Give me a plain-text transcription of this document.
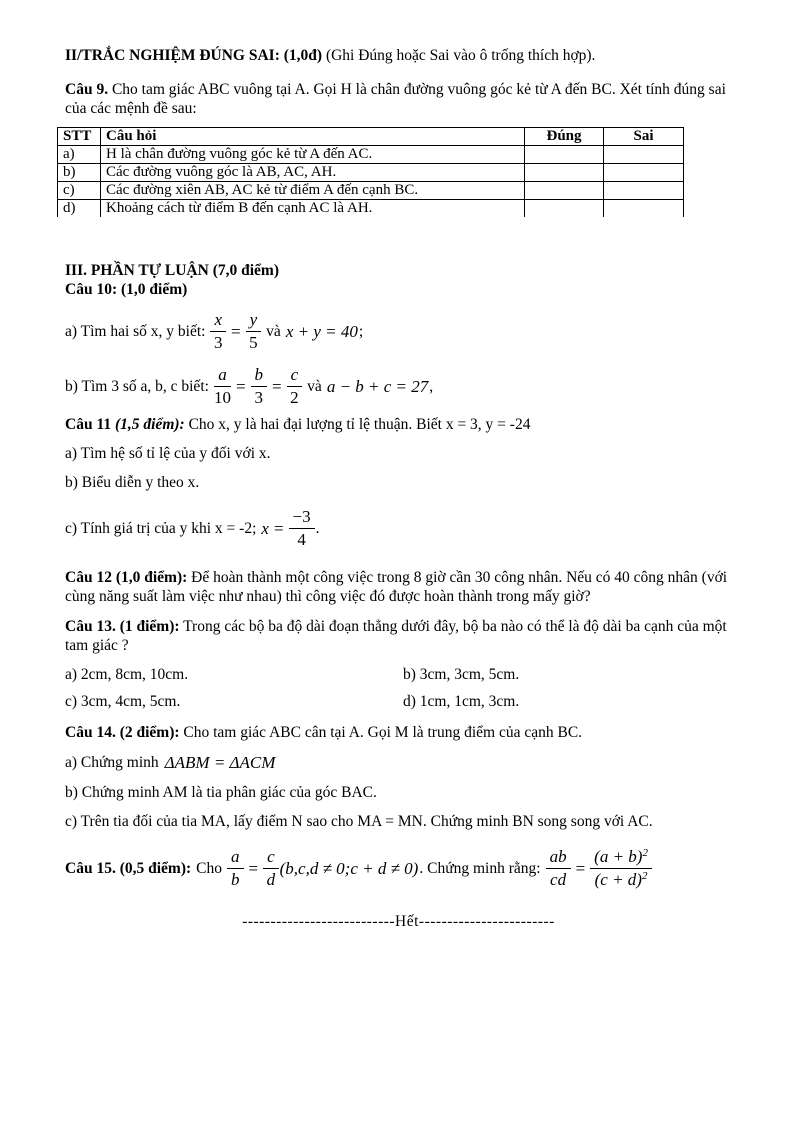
II/TRẮC NGHIỆM ĐÚNG SAI: (1,0đ) (Ghi Đúng hoặc Sai vào ô trống thích hợp).

Câu 9. Cho tam giác ABC vuông tại A. Gọi H là chân đường vuông góc kẻ từ A đến BC. Xét tính đúng sai của các mệnh đề sau:

STT	Câu hỏi	Đúng	Sai
a)	H là chân đường vuông góc kẻ từ A đến AC.		
b)	Các đường vuông góc là AB, AC, AH.		
c)	Các đường xiên AB, AC kẻ từ điểm A đến cạnh BC.		
d)	Khoảng cách từ điểm B đến cạnh AC là AH.		

III. PHẦN TỰ LUẬN (7,0 điểm)

Câu 10: (1,0 điểm)

a) Tìm hai số x, y biết: $\frac{x}{3} = \frac{y}{5}$ và x + y = 40 ;
b) Tìm 3 số a, b, c biết: $\frac{a}{10} = \frac{b}{3} = \frac{c}{2}$ và a − b + c = 27 ,

Câu 11 (1,5 điểm): Cho x, y là hai đại lượng tỉ lệ thuận. Biết x = 3, y = -24

a) Tìm hệ số tỉ lệ của y đối với x.

b) Biểu diễn y theo x.

c) Tính giá trị của y khi x = -2; $x = \frac{-3}{4}$ .

Câu 12 (1,0 điểm): Để hoàn thành một công việc trong 8 giờ cần 30 công nhân. Nếu có 40 công nhân (với cùng năng suất làm việc như nhau) thì công việc đó được hoàn thành trong mấy giờ?

Câu 13. (1 điểm): Trong các bộ ba độ dài đoạn thẳng dưới đây, bộ ba nào có thể là độ dài ba cạnh của một tam giác ?

a) 2cm, 8cm, 10cm.	b) 3cm, 3cm, 5cm.
c) 3cm, 4cm, 5cm.	d) 1cm, 1cm, 3cm.

Câu 14. (2 điểm): Cho tam giác ABC cân tại A. Gọi M là trung điểm của cạnh BC.

a) Chứng minh ΔABM = ΔACM

b) Chứng minh AM là tia phân giác của góc BAC.

c) Trên tia đối của tia MA, lấy điểm N sao cho MA = MN. Chứng minh BN song song với AC.

Câu 15. (0,5 điểm): Cho $\frac{a}{b} = \frac{c}{d} (b,c,d$ ≠ 0;c + d ≠ 0) . Chứng minh rằng: $\frac{ab}{cd} = \frac{(a + b)^2}{(c + d)^2}$

---------------------------Hết------------------------
